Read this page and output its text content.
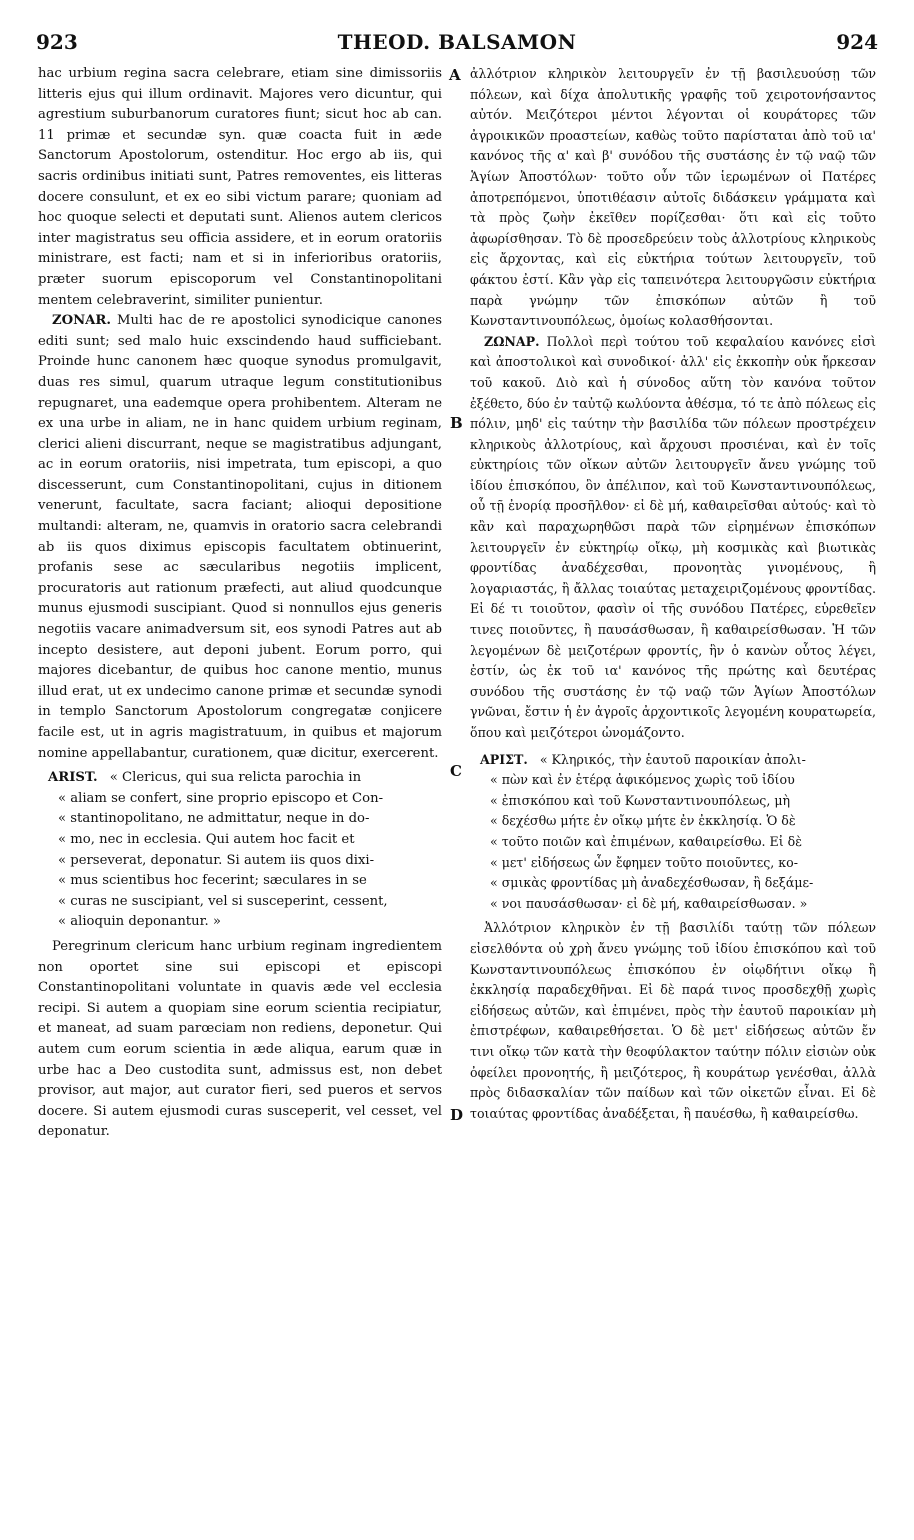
923	THEOD. BALSAMON	924
A
B
C
D

hac urbium regina sacra celebrare, etiam sine dimissoriis litteris ejus qui illum ordinavit. Majores vero dicuntur, qui agrestium suburbanorum curatores fiunt; sicut hoc ab can. 11 primæ et secundæ syn. quæ coacta fuit in æde Sanctorum Apostolorum, ostenditur. Hoc ergo ab iis, qui sacris ordinibus initiati sunt, Patres removentes, eis litteras docere consulunt, et ex eo sibi victum parare; quoniam ad hoc quoque selecti et deputati sunt. Alienos autem clericos inter magistratus seu officia assidere, et in eorum oratoriis ministrare, est facti; nam et si in inferioribus oratoriis, præter suorum episcoporum vel Constantinopolitani mentem celebraverint, similiter punientur.

ZONAR. Multi hac de re apostolici synodicique canones editi sunt; sed malo huic exscindendo haud sufficiebant. Proinde hunc canonem hæc quoque synodus promulgavit, duas res simul, quarum utraque legum constitutionibus repugnaret, una eademque opera prohibentem. Alteram ne ex una urbe in aliam, ne in hanc quidem urbium reginam, clerici alieni discurrant, neque se magistratibus adjungant, ac in eorum oratoriis, nisi impetrata, tum episcopi, a quo discesserunt, cum Constantinopolitani, cujus in ditionem venerunt, facultate, sacra faciant; alioqui depositione multandi: alteram, ne, quamvis in oratorio sacra celebrandi ab iis quos diximus episcopis facultatem obtinuerint, profanis sese ac sæcularibus negotiis implicent, procuratoris aut rationum præfecti, aut aliud quodcunque munus ejusmodi suscipiant. Quod si nonnullos ejus generis negotiis vacare animadversum sit, eos synodi Patres aut ab incepto desistere, aut deponi jubent. Eorum porro, qui majores dicebantur, de quibus hoc canone mentio, munus illud erat, ut ex undecimo canone primæ et secundæ synodi in templo Sanctorum Apostolorum congregatæ conjicere facile est, ut in agris magistratuum, in quibus et majorum nomine appellabantur, curationem, quæ dicitur, exercerent.

ARIST. « Clericus, qui sua relicta parochia in
« aliam se confert, sine proprio episcopo et Con-
« stantinopolitano, ne admittatur, neque in do-
« mo, nec in ecclesia. Qui autem hoc facit et
« perseverat, deponatur. Si autem iis quos dixi-
« mus scientibus hoc fecerint; sæculares in se
« curas ne suscipiant, vel si susceperint, cessent,
« alioquin deponantur. »

Peregrinum clericum hanc urbium reginam ingredientem non oportet sine sui episcopi et episcopi Constantinopolitani voluntate in quavis æde vel ecclesia recipi. Si autem a quopiam sine eorum scientia recipiatur, et maneat, ad suam parœciam non rediens, deponetur. Qui autem cum eorum scientia in æde aliqua, earum quæ in urbe hac a Deo custodita sunt, admissus est, non debet provisor, aut major, aut curator fieri, sed pueros et servos docere. Si autem ejusmodi curas susceperit, vel cesset, vel deponatur.

ἀλλότριον κληρικὸν λειτουργεῖν ἐν τῇ βασιλευούσῃ τῶν πόλεων, καὶ δίχα ἀπολυτικῆς γραφῆς τοῦ χειροτονήσαντος αὐτόν. Μειζότεροι μέντοι λέγονται οἱ κουράτορες τῶν ἀγροικικῶν προαστείων, καθὼς τοῦτο παρίσταται ἀπὸ τοῦ ια' κανόνος τῆς α' καὶ β' συνόδου τῆς συστάσης ἐν τῷ ναῷ τῶν Ἁγίων Ἀποστόλων· τοῦτο οὖν τῶν ἱερωμένων οἱ Πατέρες ἀποτρεπόμενοι, ὑποτιθέασιν αὐτοῖς διδάσκειν γράμματα καὶ τὰ πρὸς ζωὴν ἐκεῖθεν πορίζεσθαι· ὅτι καὶ εἰς τοῦτο ἀφωρίσθησαν. Τὸ δὲ προσεδρεύειν τοὺς ἀλλοτρίους κληρικοὺς εἰς ἄρχοντας, καὶ εἰς εὐκτήρια τούτων λειτουργεῖν, τοῦ φάκτου ἐστί. Κἂν γὰρ εἰς ταπεινότερα λειτουργῶσιν εὐκτήρια παρὰ γνώμην τῶν ἐπισκόπων αὐτῶν ἢ τοῦ Κωνσταντινουπόλεως, ὁμοίως κολασθήσονται.

ΖΩΝΑΡ. Πολλοὶ περὶ τούτου τοῦ κεφαλαίου κανόνες εἰσὶ καὶ ἀποστολικοὶ καὶ συνοδικοί· ἀλλ' εἰς ἐκκοπὴν οὐκ ἤρκεσαν τοῦ κακοῦ. Διὸ καὶ ἡ σύνοδος αὕτη τὸν κανόνα τοῦτον ἐξέθετο, δύο ἐν ταὐτῷ κωλύοντα ἀθέσμα, τό τε ἀπὸ πόλεως εἰς πόλιν, μηδ' εἰς ταύτην τὴν βασιλίδα τῶν πόλεων προστρέχειν κληρικοὺς ἀλλοτρίους, καὶ ἄρχουσι προσιέναι, καὶ ἐν τοῖς εὐκτηρίοις τῶν οἴκων αὐτῶν λειτουργεῖν ἄνευ γνώμης τοῦ ἰδίου ἐπισκόπου, ὃν ἀπέλιπον, καὶ τοῦ Κωνσταντινουπόλεως, οὗ τῇ ἐνορίᾳ προσῆλθον· εἰ δὲ μή, καθαιρεῖσθαι αὐτούς· καὶ τὸ κἂν καὶ παραχωρηθῶσι παρὰ τῶν εἰρημένων ἐπισκόπων λειτουργεῖν ἐν εὐκτηρίῳ οἴκῳ, μὴ κοσμικὰς καὶ βιωτικὰς φροντίδας ἀναδέχεσθαι, προνοητὰς γινομένους, ἢ λογαριαστάς, ἢ ἄλλας τοιαύτας μεταχειριζομένους φροντίδας. Εἰ δέ τι τοιοῦτον, φασὶν οἱ τῆς συνόδου Πατέρες, εὑρεθεῖεν τινες ποιοῦντες, ἢ παυσάσθωσαν, ἢ καθαιρείσθωσαν. Ἡ τῶν λεγομένων δὲ μειζοτέρων φροντίς, ἣν ὁ κανὼν οὗτος λέγει, ἐστίν, ὡς ἐκ τοῦ ια' κανόνος τῆς πρώτης καὶ δευτέρας συνόδου τῆς συστάσης ἐν τῷ ναῷ τῶν Ἁγίων Ἀποστόλων γνῶναι, ἔστιν ἡ ἐν ἀγροῖς ἀρχοντικοῖς λεγομένη κουρατωρεία, ὅπου καὶ μειζότεροι ὠνομάζοντο.

ΑΡΙΣΤ. « Κληρικός, τὴν ἑαυτοῦ παροικίαν ἀπολι-
« πὼν καὶ ἐν ἑτέρᾳ ἀφικόμενος χωρὶς τοῦ ἰδίου
« ἐπισκόπου καὶ τοῦ Κωνσταντινουπόλεως, μὴ
« δεχέσθω μήτε ἐν οἴκῳ μήτε ἐν ἐκκλησίᾳ. Ὁ δὲ
« τοῦτο ποιῶν καὶ ἐπιμένων, καθαιρείσθω. Εἰ δὲ
« μετ' εἰδήσεως ὧν ἔφημεν τοῦτο ποιοῦντες, κο-
« σμικὰς φροντίδας μὴ ἀναδεχέσθωσαν, ἢ δεξάμε-
« νοι παυσάσθωσαν· εἰ δὲ μή, καθαιρείσθωσαν. »

Ἀλλότριον κληρικὸν ἐν τῇ βασιλίδι ταύτῃ τῶν πόλεων εἰσελθόντα οὐ χρὴ ἄνευ γνώμης τοῦ ἰδίου ἐπισκόπου καὶ τοῦ Κωνσταντινουπόλεως ἐπισκόπου ἐν οἱῳδήτινι οἴκῳ ἢ ἐκκλησίᾳ παραδεχθῆναι. Εἰ δὲ παρά τινος προσδεχθῇ χωρὶς εἰδήσεως αὐτῶν, καὶ ἐπιμένει, πρὸς τὴν ἑαυτοῦ παροικίαν μὴ ἐπιστρέφων, καθαιρεθήσεται. Ὁ δὲ μετ' εἰδήσεως αὐτῶν ἔν τινι οἴκῳ τῶν κατὰ τὴν θεοφύλακτον ταύτην πόλιν εἰσιὼν οὐκ ὀφείλει προνοητής, ἢ μειζότερος, ἢ κουράτωρ γενέσθαι, ἀλλὰ πρὸς διδασκαλίαν τῶν παίδων καὶ τῶν οἰκετῶν εἶναι. Εἰ δὲ τοιαύτας φροντίδας ἀναδέξεται, ἢ παυέσθω, ἢ καθαιρείσθω.
